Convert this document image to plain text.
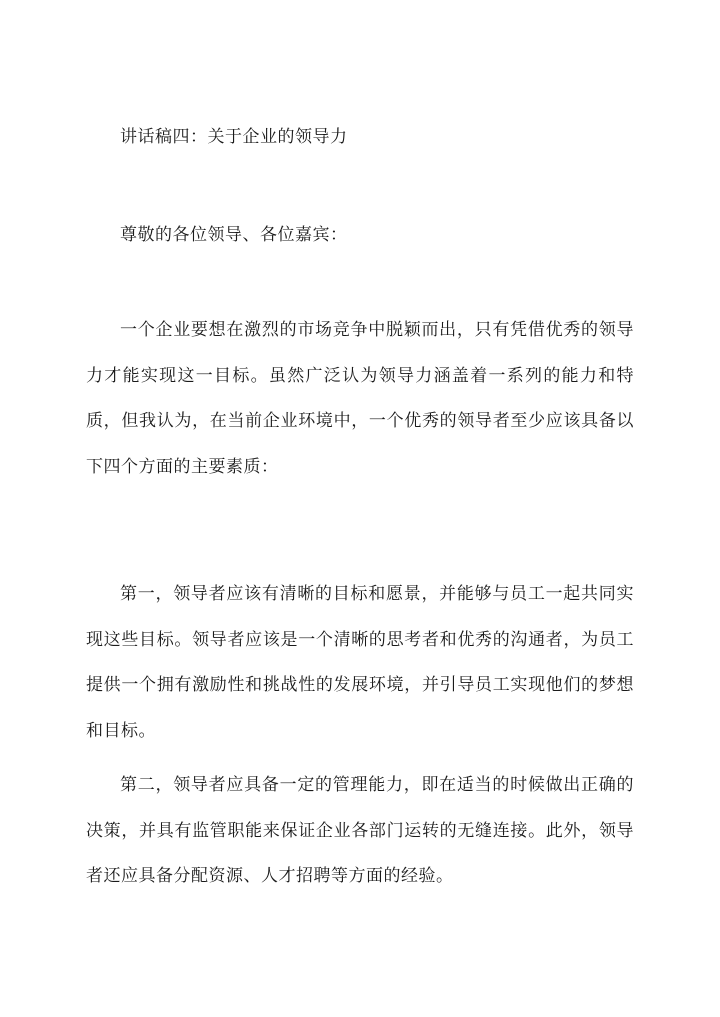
讲话稿四：关于企业的领导力
尊敬的各位领导、各位嘉宾：
一个企业要想在激烈的市场竞争中脱颖而出，只有凭借优秀的领导力才能实现这一目标。虽然广泛认为领导力涵盖着一系列的能力和特质，但我认为，在当前企业环境中，一个优秀的领导者至少应该具备以下四个方面的主要素质：
第一，领导者应该有清晰的目标和愿景，并能够与员工一起共同实现这些目标。领导者应该是一个清晰的思考者和优秀的沟通者，为员工提供一个拥有激励性和挑战性的发展环境，并引导员工实现他们的梦想和目标。
第二，领导者应具备一定的管理能力，即在适当的时候做出正确的决策，并具有监管职能来保证企业各部门运转的无缝连接。此外，领导者还应具备分配资源、人才招聘等方面的经验。
